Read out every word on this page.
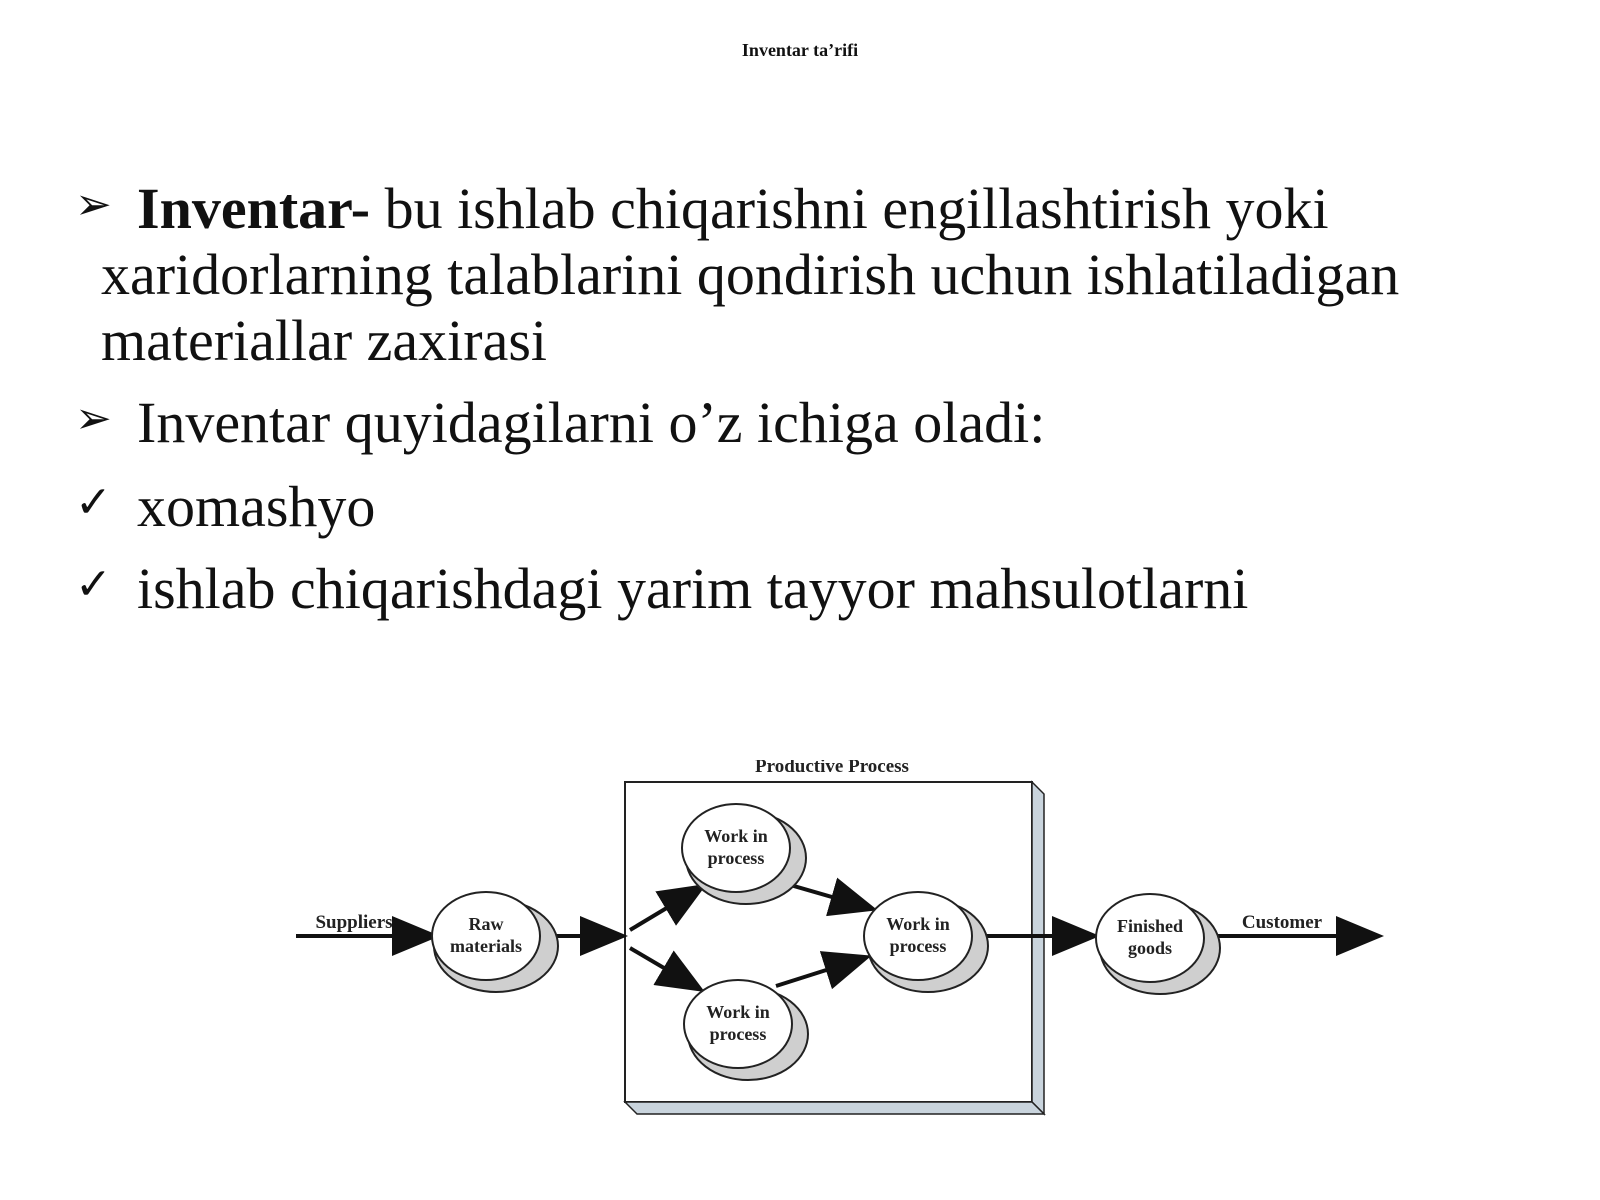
Inventar ta’rifi
➢ Inventar- bu ishlab chiqarishni engillashtirish yoki xaridorlarning talablarini qondirish uchun ishlatiladigan materiallar zaxirasi
➢ Inventar quyidagilarni o’z ichiga oladi:
✓ xomashyo
✓ ishlab chiqarishdagi yarim tayyor mahsulotlarni
Productive Process
Suppliers	Customer
Raw
materials
Work in
process
Work in
process
Work in
process
Finished
goods
